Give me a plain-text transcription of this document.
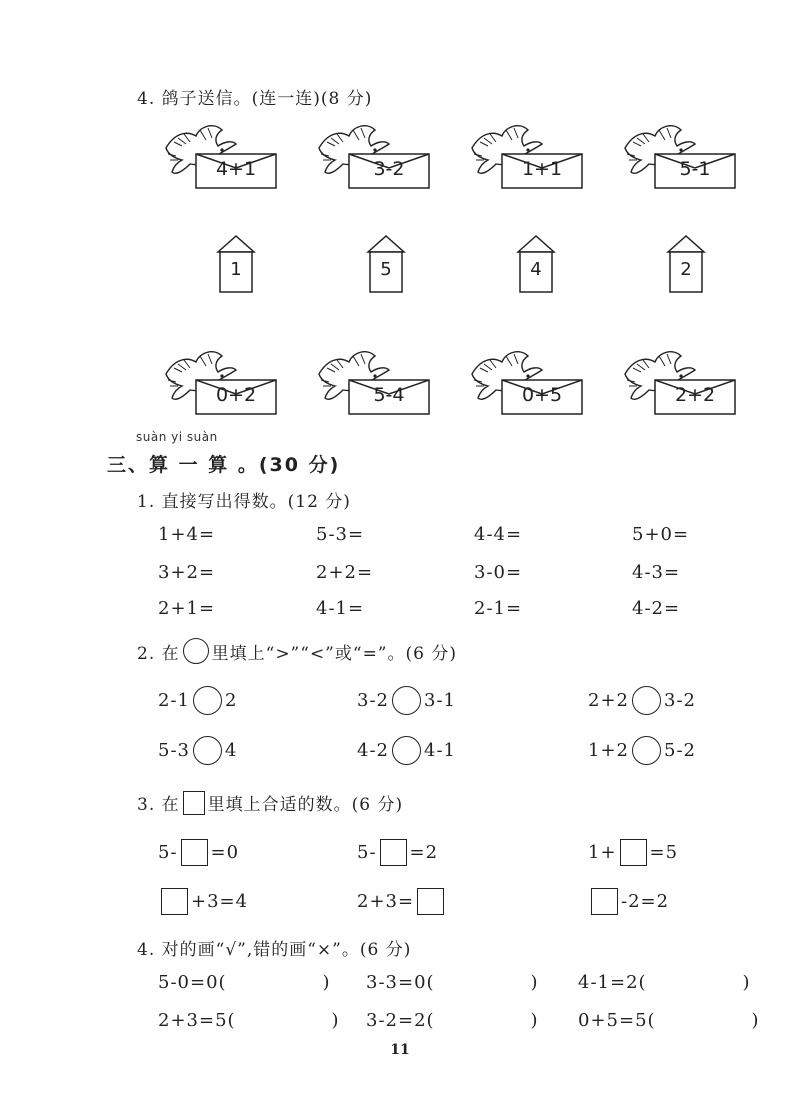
4. 鸽子送信。(连一连)(8 分)
4+1	3-2	1+1	5-1
1	5	4	2
0+2	5-4	0+5	2+2
suàn yi suàn
三、算 一 算 。(30 分)
1. 直接写出得数。(12 分)
1+4=	5-3=	4-4=	5+0=
3+2=	2+2=	3-0=	4-3=
2+1=	4-1=	2-1=	4-2=
2. 在 里填上“>”“<”或“=”。(6 分)
2-1 2	3-2 3-1	2+2 3-2
5-3 4	4-2 4-1	1+2 5-2
3. 在 里填上合适的数。(6 分)
5- =0	5- =2	1+ =5
+3=4	2+3=	-2=2
4. 对的画“√”,错的画“×”。(6 分)
5-0=0(	) 3-3=0(	) 4-1=2(	)
2+3=5(	) 3-2=2(	) 0+5=5(	)
11
